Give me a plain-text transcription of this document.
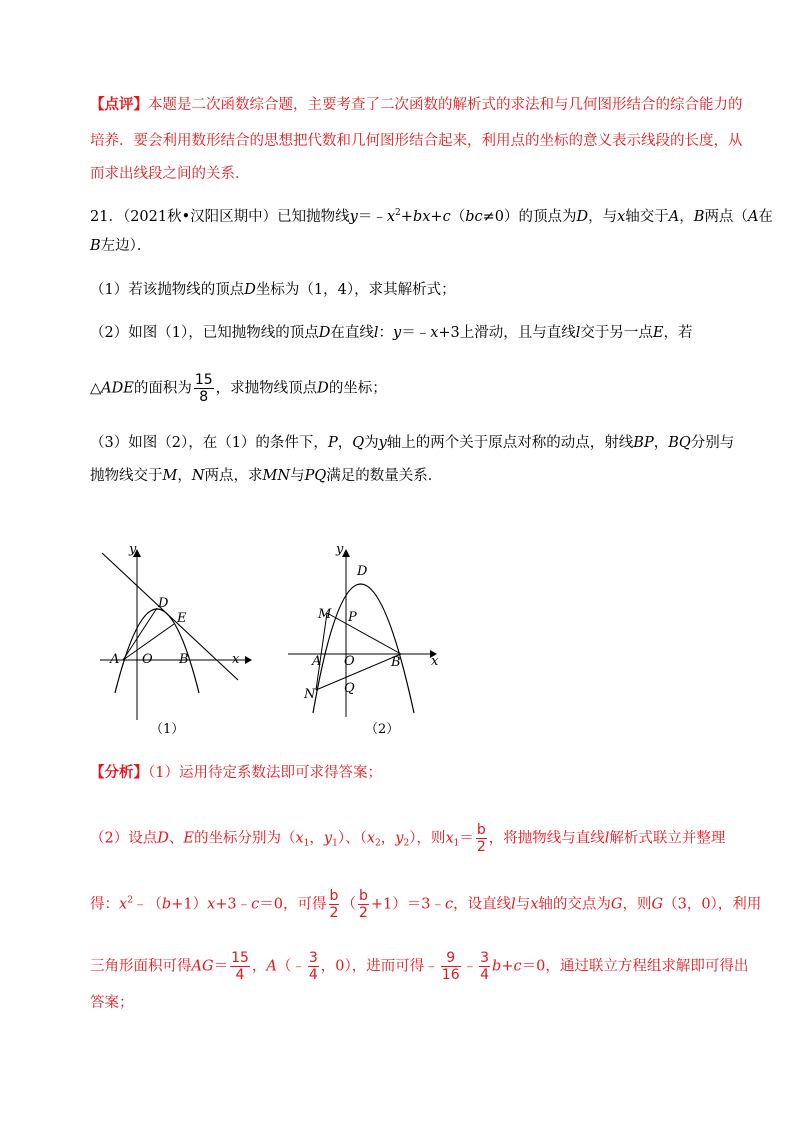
【点评】本题是二次函数综合题，主要考查了二次函数的解析式的求法和与几何图形结合的综合能力的
培养．要会利用数形结合的思想把代数和几何图形结合起来，利用点的坐标的意义表示线段的长度，从
而求出线段之间的关系．
21．（2021秋•汉阳区期中）已知抛物线$y=﹣x^2+bx+c(bc\ne 0)$的顶点为D，与x轴交于A，B两点（A在
B左边）．
（1）若该抛物线的顶点D坐标为（1，4），求其解析式；
（2）如图（1），已知抛物线的顶点D在直线l：y＝﹣x+3上滑动，且与直线l交于另一点E，若
△ADE的面积为 $\frac{15}{8}$ ，求抛物线顶点D的坐标；
（3）如图（2），在（1）的条件下，P，Q为y轴上的两个关于原点对称的动点，射线BP，BQ分别与
抛物线交于M，N两点，求MN与PQ满足的数量关系．
y
x
A O B
D
E
（1）
y
x
A O	B
D
M P
N Q
（2）
【分析】（1）运用待定系数法即可求得答案；
（2）设点D、E的坐标分别为（$x_1$，$y_1$）、（$x_2$，$y_2$），则$x_1= \frac{b}{2}$ ，将抛物线与直线l解析式联立并整理
得：$x^2﹣(b+1)x+3﹣c=0$，可得 $\frac{b}{2}$ （ $\frac{b}{2}$ +1）＝3﹣c，设直线l与x轴的交点为G，则G（3，0），利用
三角形面积可得$AG= \frac{15}{4}$ ，A（﹣ $\frac{3}{4}$ ，0），进而可得﹣ $\frac{9}{16}$ ﹣ $\frac{3}{4} b+c=0$，通过联立方程组求解即可得出
答案；
